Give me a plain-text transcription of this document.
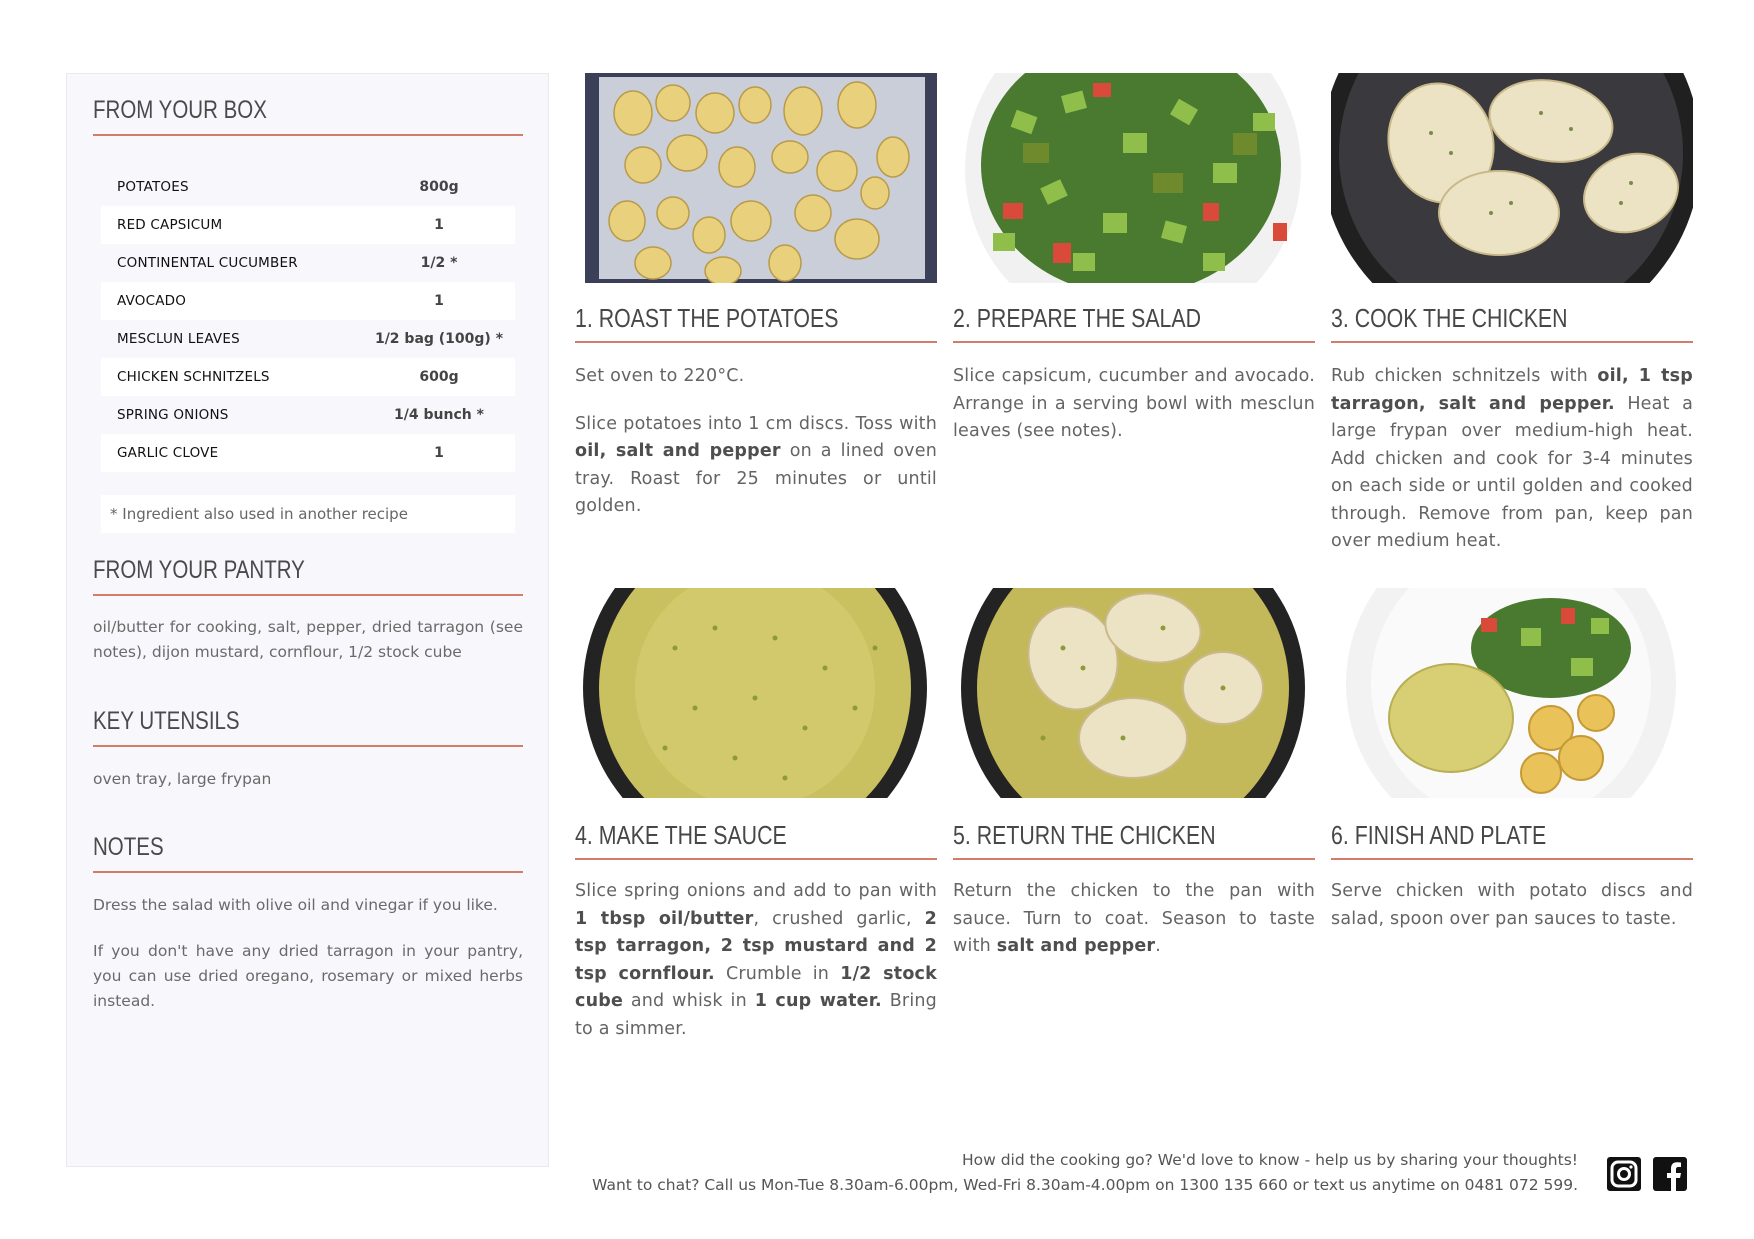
FROM YOUR BOX
POTATOES	800g
RED CAPSICUM	1
CONTINENTAL CUCUMBER	1/2 *
AVOCADO	1
MESCLUN LEAVES	1/2 bag (100g) *
CHICKEN SCHNITZELS	600g
SPRING ONIONS	1/4 bunch *
GARLIC CLOVE	1
* Ingredient also used in another recipe
FROM YOUR PANTRY
oil/butter for cooking, salt, pepper, dried tarragon (see notes), dijon mustard, cornflour, 1/2 stock cube
KEY UTENSILS
oven tray, large frypan
NOTES
Dress the salad with olive oil and vinegar if you like.
If you don't have any dried tarragon in your pantry, you can use dried oregano, rosemary or mixed herbs instead.
1. ROAST THE POTATOES

Set oven to 220°C.

Slice potatoes into 1 cm discs. Toss with oil, salt and pepper on a lined oven tray. Roast for 25 minutes or until golden.

2. PREPARE THE SALAD

Slice capsicum, cucumber and avocado. Arrange in a serving bowl with mesclun leaves (see notes).

3. COOK THE CHICKEN

Rub chicken schnitzels with oil, 1 tsp tarragon, salt and pepper. Heat a large frypan over medium-high heat. Add chicken and cook for 3-4 minutes on each side or until golden and cooked through. Remove from pan, keep pan over medium heat.

4. MAKE THE SAUCE

Slice spring onions and add to pan with 1 tbsp oil/butter, crushed garlic, 2 tsp tarragon, 2 tsp mustard and 2 tsp cornflour. Crumble in 1/2 stock cube and whisk in 1 cup water. Bring to a simmer.

5. RETURN THE CHICKEN

Return the chicken to the pan with sauce. Turn to coat. Season to taste with salt and pepper.

6. FINISH AND PLATE

Serve chicken with potato discs and salad, spoon over pan sauces to taste.

How did the cooking go? We'd love to know - help us by sharing your thoughts!
Want to chat? Call us Mon-Tue 8.30am-6.00pm, Wed-Fri 8.30am-4.00pm on 1300 135 660 or text us anytime on 0481 072 599.
